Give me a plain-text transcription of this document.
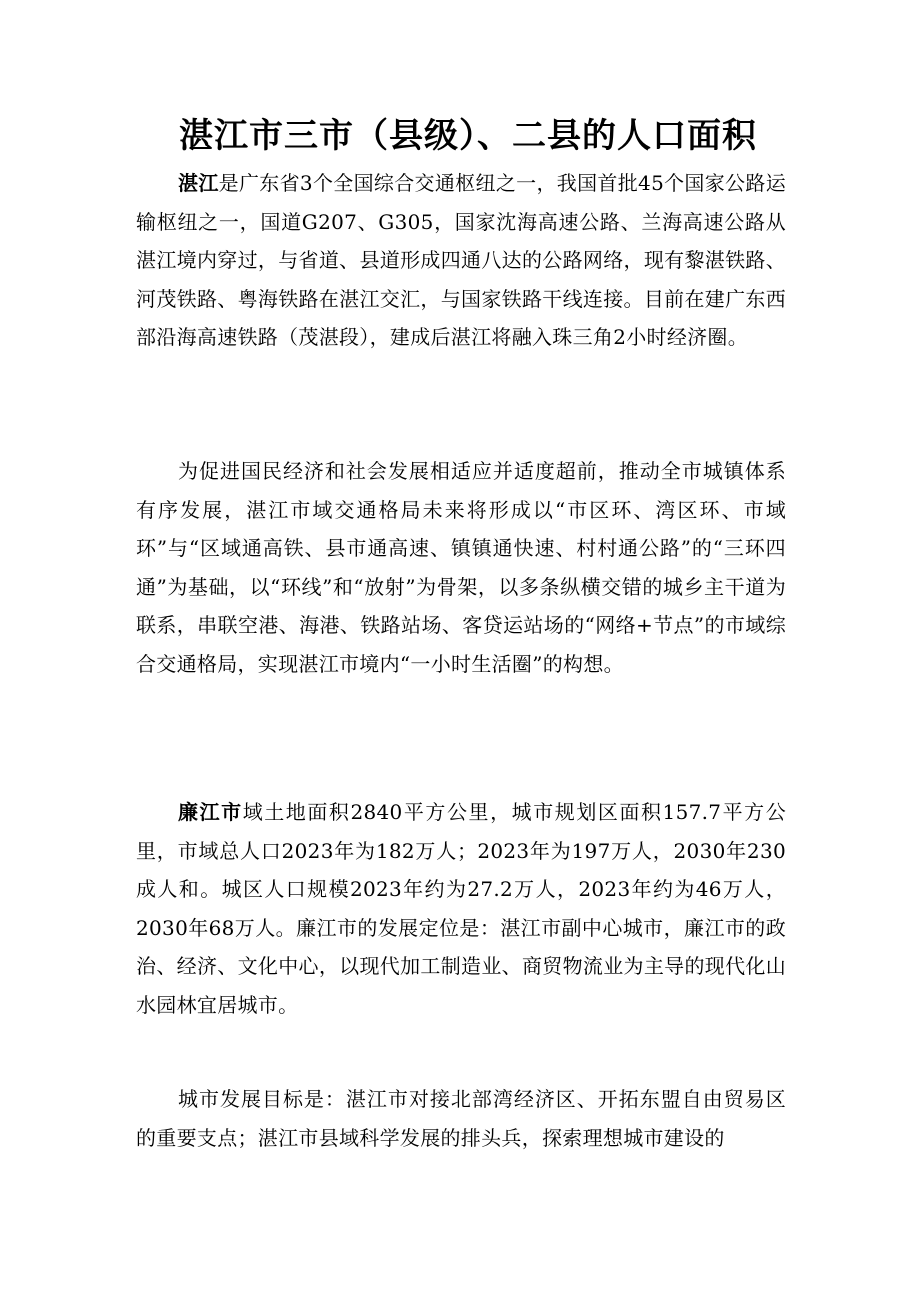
湛江市三市（县级）、二县的人口面积

湛江是广东省3个全国综合交通枢纽之一，我国首批45个国家公路运输枢纽之一，国道G207、G305，国家沈海高速公路、兰海高速公路从湛江境内穿过，与省道、县道形成四通八达的公路网络，现有黎湛铁路、河茂铁路、粤海铁路在湛江交汇，与国家铁路干线连接。目前在建广东西部沿海高速铁路（茂湛段），建成后湛江将融入珠三角2小时经济圈。

为促进国民经济和社会发展相适应并适度超前，推动全市城镇体系有序发展，湛江市域交通格局未来将形成以“市区环、湾区环、市域环”与“区域通高铁、县市通高速、镇镇通快速、村村通公路”的“三环四通”为基础，以“环线”和“放射”为骨架，以多条纵横交错的城乡主干道为联系，串联空港、海港、铁路站场、客贷运站场的“网络+节点”的市域综合交通格局，实现湛江市境内“一小时生活圈”的构想。

廉江市域土地面积2840平方公里，城市规划区面积157.7平方公里，市域总人口2023年为182万人；2023年为197万人，2030年230成人和。城区人口规模2023年约为27.2万人，2023年约为46万人，2030年68万人。廉江市的发展定位是：湛江市副中心城市，廉江市的政治、经济、文化中心，以现代加工制造业、商贸物流业为主导的现代化山水园林宜居城市。

城市发展目标是：湛江市对接北部湾经济区、开拓东盟自由贸易区的重要支点；湛江市县域科学发展的排头兵，探索理想城市建设的
